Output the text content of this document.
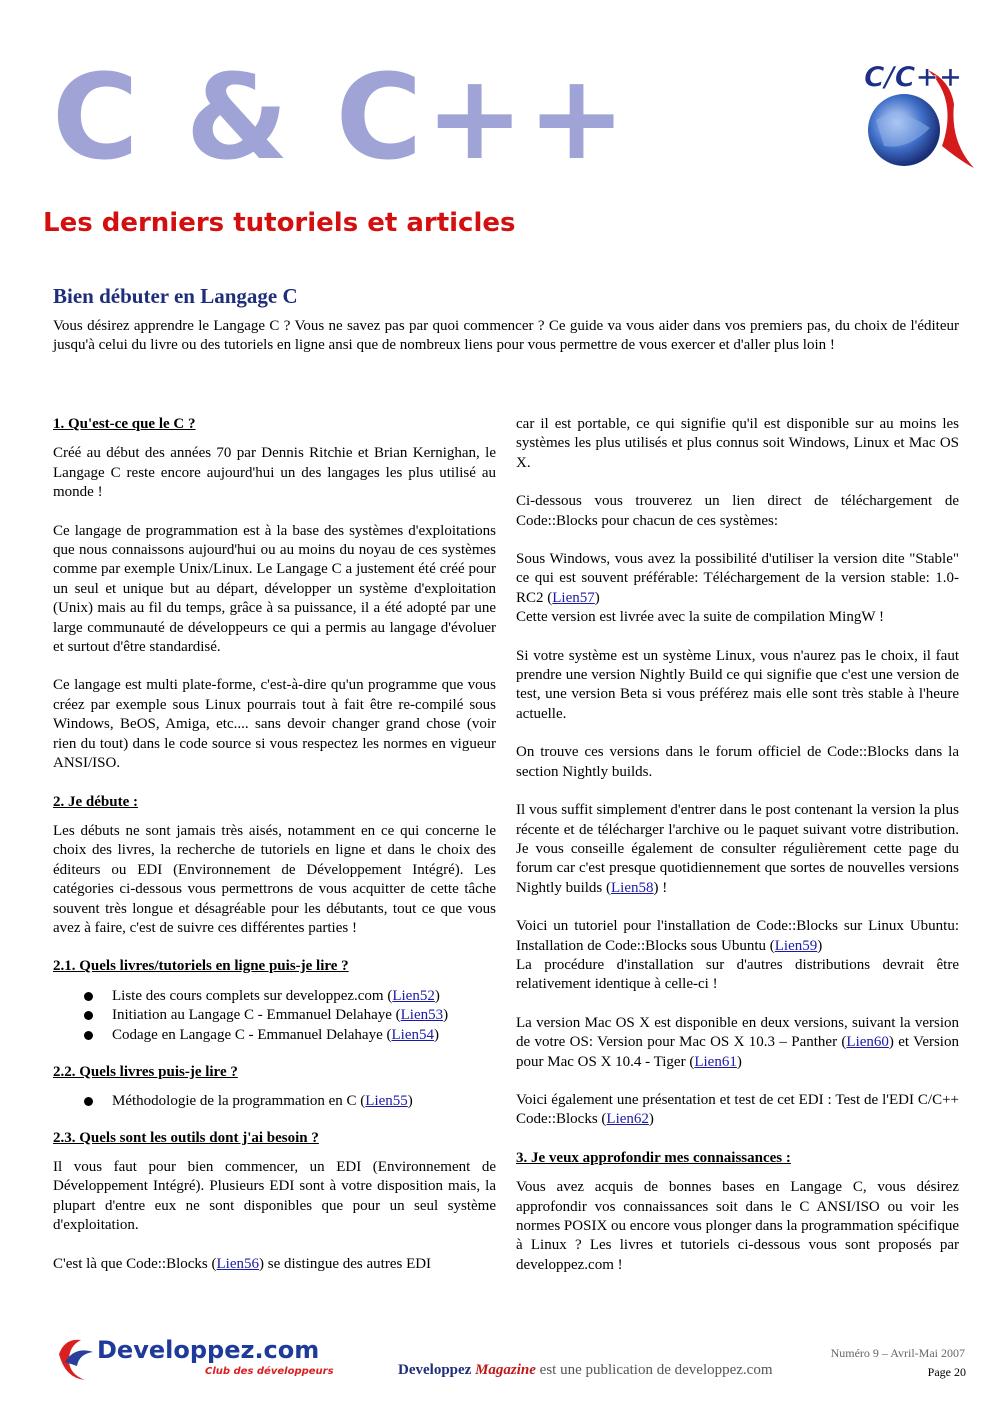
C & C++	C/C++
Les derniers tutoriels et articles
Bien débuter en Langage C

Vous désirez apprendre le Langage C ? Vous ne savez pas par quoi commencer ? Ce guide va vous aider dans vos premiers pas, du choix de l'éditeur jusqu'à celui du livre ou des tutoriels en ligne ansi que de nombreux liens pour vous permettre de vous exercer et d'aller plus loin !

1. Qu'est-ce que le C ?

Créé au début des années 70 par Dennis Ritchie et Brian Kernighan, le Langage C reste encore aujourd'hui un des langages les plus utilisé au monde !

Ce langage de programmation est à la base des systèmes d'exploitations que nous connaissons aujourd'hui ou au moins du noyau de ces systèmes comme par exemple Unix/Linux. Le Langage C a justement été créé pour un seul et unique but au départ, développer un système d'exploitation (Unix) mais au fil du temps, grâce à sa puissance, il a été adopté par une large communauté de développeurs ce qui a permis au langage d'évoluer et surtout d'être standardisé.

Ce langage est multi plate-forme, c'est-à-dire qu'un programme que vous créez par exemple sous Linux pourrais tout à fait être re-compilé sous Windows, BeOS, Amiga, etc.... sans devoir changer grand chose (voir rien du tout) dans le code source si vous respectez les normes en vigueur ANSI/ISO.

2. Je débute :

Les débuts ne sont jamais très aisés, notamment en ce qui concerne le choix des livres, la recherche de tutoriels en ligne et dans le choix des éditeurs ou EDI (Environnement de Développement Intégré). Les catégories ci-dessous vous permettrons de vous acquitter de cette tâche souvent très longue et désagréable pour les débutants, tout ce que vous avez à faire, c'est de suivre ces différentes parties !

2.1. Quels livres/tutoriels en ligne puis-je lire ?
Liste des cours complets sur developpez.com (Lien52)
Initiation au Langage C - Emmanuel Delahaye (Lien53)
Codage en Langage C - Emmanuel Delahaye (Lien54)
2.2. Quels livres puis-je lire ?
Méthodologie de la programmation en C (Lien55)
2.3. Quels sont les outils dont j'ai besoin ?

Il vous faut pour bien commencer, un EDI (Environnement de Développement Intégré). Plusieurs EDI sont à votre disposition mais, la plupart d'entre eux ne sont disponibles que pour un seul système d'exploitation.

C'est là que Code::Blocks (Lien56) se distingue des autres EDI

car il est portable, ce qui signifie qu'il est disponible sur au moins les systèmes les plus utilisés et plus connus soit Windows, Linux et Mac OS X.

Ci-dessous vous trouverez un lien direct de téléchargement de Code::Blocks pour chacun de ces systèmes:

Sous Windows, vous avez la possibilité d'utiliser la version dite "Stable" ce qui est souvent préférable: Téléchargement de la version stable: 1.0-RC2 (Lien57)
Cette version est livrée avec la suite de compilation MingW !

Si votre système est un système Linux, vous n'aurez pas le choix, il faut prendre une version Nightly Build ce qui signifie que c'est une version de test, une version Beta si vous préférez mais elle sont très stable à l'heure actuelle.

On trouve ces versions dans le forum officiel de Code::Blocks dans la section Nightly builds.

Il vous suffit simplement d'entrer dans le post contenant la version la plus récente et de télécharger l'archive ou le paquet suivant votre distribution. Je vous conseille également de consulter régulièrement cette page du forum car c'est presque quotidiennement que sortes de nouvelles versions Nightly builds (Lien58) !

Voici un tutoriel pour l'installation de Code::Blocks sur Linux Ubuntu: Installation de Code::Blocks sous Ubuntu (Lien59)
La procédure d'installation sur d'autres distributions devrait être relativement identique à celle-ci !

La version Mac OS X est disponible en deux versions, suivant la version de votre OS: Version pour Mac OS X 10.3 – Panther (Lien60) et Version pour Mac OS X 10.4 - Tiger (Lien61)

Voici également une présentation et test de cet EDI : Test de l'EDI C/C++ Code::Blocks (Lien62)

3. Je veux approfondir mes connaissances :

Vous avez acquis de bonnes bases en Langage C, vous désirez approfondir vos connaissances soit dans le C ANSI/ISO ou voir les normes POSIX ou encore vous plonger dans la programmation spécifique à Linux ? Les livres et tutoriels ci-dessous vous sont proposés par developpez.com !

Developpez.com
Club des développeurs

Numéro 9 – Avril-Mai 2007

Developpez Magazine est une publication de developpez.com	Page 20
